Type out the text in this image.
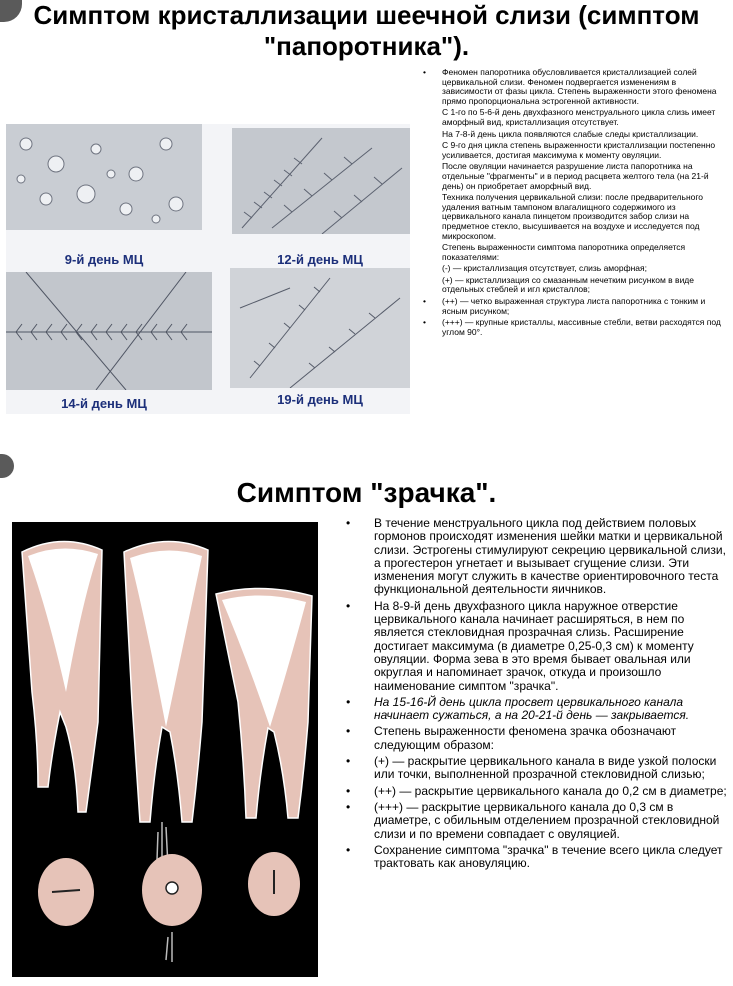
Симптом кристаллизации шеечной слизи (симптом "папоротника").
9-й день МЦ	12-й день МЦ
14-й день МЦ	19-й день МЦ

• Феномен папоротника обусловливается кристаллизацией солей цервикальной слизи. Феномен подвергается изменениям в зависимости от фазы цикла. Степень выраженности этого феномена прямо пропорциональна эстрогенной активности.

С 1-го по 5-6-й день двухфазного менструального цикла слизь имеет аморфный вид, кристаллизация отсутствует.

На 7-8-й день цикла появляются слабые следы кристаллизации.

С 9-го дня цикла степень выраженности кристаллизации постепенно усиливается, достигая максимума к моменту овуляции.

После овуляции начинается разрушение листа папоротника на отдельные "фрагменты" и в период расцвета желтого тела (на 21-й день) он приобретает аморфный вид.

Техника получения цервикальной слизи: после предварительного удаления ватным тампоном влагалищного содержимого из цервикального канала пинцетом производится забор слизи на предметное стекло, высушивается на воздухе и исследуется под микроскопом.

Степень выраженности симптома папоротника определяется показателями:

(-) — кристаллизация отсутствует, слизь аморфная;

(+) — кристаллизация со смазанным нечетким рисунком в виде отдельных стеблей и игл кристаллов;

• (++) — четко выраженная структура листа папоротника с тонким и ясным рисунком;

• (+++) — крупные кристаллы, массивные стебли, ветви расходятся под углом 90°.

Симптом "зрачка".

• В течение менструального цикла под действием половых гормонов происходят изменения шейки матки и цервикальной слизи. Эстрогены стимулируют секрецию цервикальной слизи, а прогестерон угнетает и вызывает сгущение слизи. Эти изменения могут служить в качестве ориентировочного теста функциональной деятельности яичников.

• На 8-9-й день двухфазного цикла наружное отверстие цервикального канала начинает расширяться, в нем по является стекловидная прозрачная слизь. Расширение достигает максимума (в диаметре 0,25-0,3 см) к моменту овуляции. Форма зева в это время бывает овальная или округлая и напоминает зрачок, откуда и произошло наименование симптом "зрачка".

• На 15-16-Й день цикла просвет цервикального канала начинает сужаться, а на 20-21-й день — закрывается.

• Степень выраженности феномена зрачка обозначают следующим образом:

• (+) — раскрытие цервикального канала в виде узкой полоски или точки, выполненной прозрачной стекловидной слизью;

• (++) — раскрытие цервикального канала до 0,2 см в диаметре;

• (+++) — раскрытие цервикального канала до 0,3 см в диаметре, с обильным отделением прозрачной стекловидной слизи и по времени совпадает с овуляцией.

• Сохранение симптома "зрачка" в течение всего цикла следует трактовать как ановуляцию.
